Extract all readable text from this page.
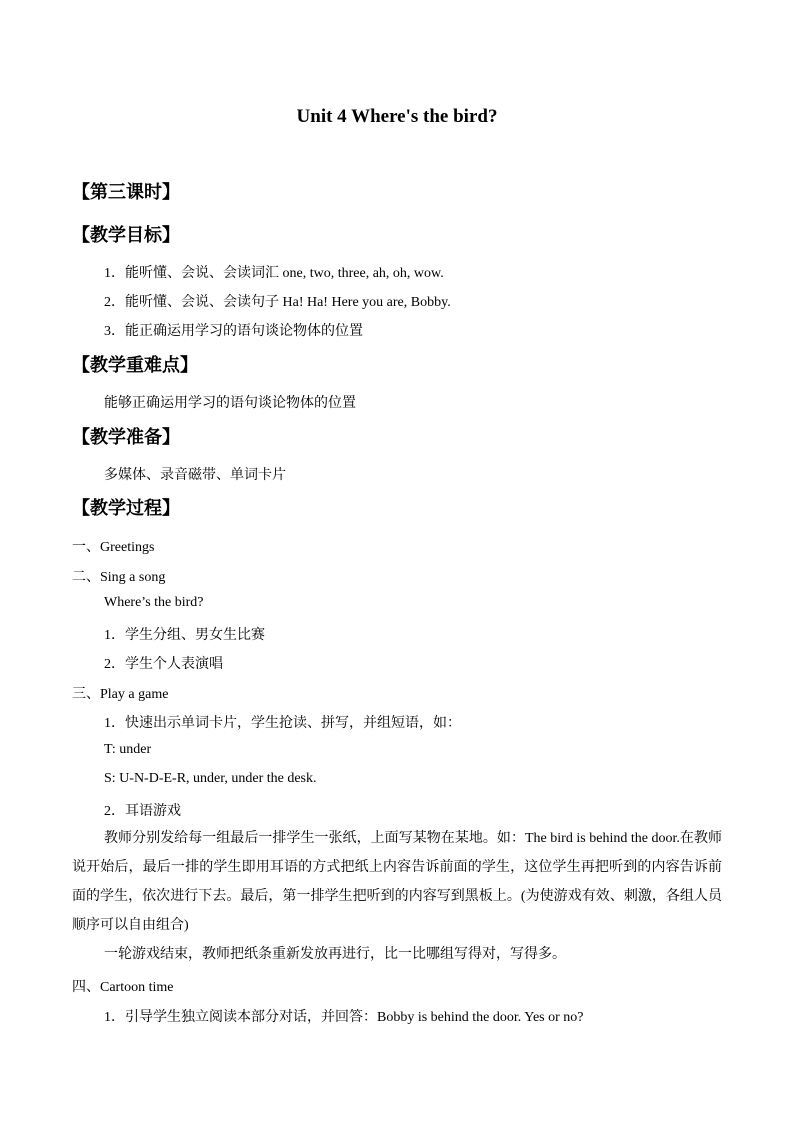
Unit 4 Where's the bird?
【第三课时】
【教学目标】
1．能听懂、会说、会读词汇 one, two, three, ah, oh, wow.
2．能听懂、会说、会读句子 Ha! Ha! Here you are, Bobby.
3．能正确运用学习的语句谈论物体的位置
【教学重难点】
能够正确运用学习的语句谈论物体的位置
【教学准备】
多媒体、录音磁带、单词卡片
【教学过程】
一、Greetings
二、Sing a song
Where’s the bird?
1．学生分组、男女生比赛
2．学生个人表演唱
三、Play a game
1．快速出示单词卡片，学生抢读、拼写，并组短语，如：
T: under
S: U-N-D-E-R, under, under the desk.
2．耳语游戏
教师分别发给每一组最后一排学生一张纸，上面写某物在某地。如：The bird is behind the door.在教师说开始后，最后一排的学生即用耳语的方式把纸上内容告诉前面的学生，这位学生再把听到的内容告诉前面的学生，依次进行下去。最后，第一排学生把听到的内容写到黑板上。(为使游戏有效、刺激，各组人员顺序可以自由组合)
一轮游戏结束，教师把纸条重新发放再进行，比一比哪组写得对，写得多。
四、Cartoon time
1．引导学生独立阅读本部分对话，并回答：Bobby is behind the door. Yes or no?
